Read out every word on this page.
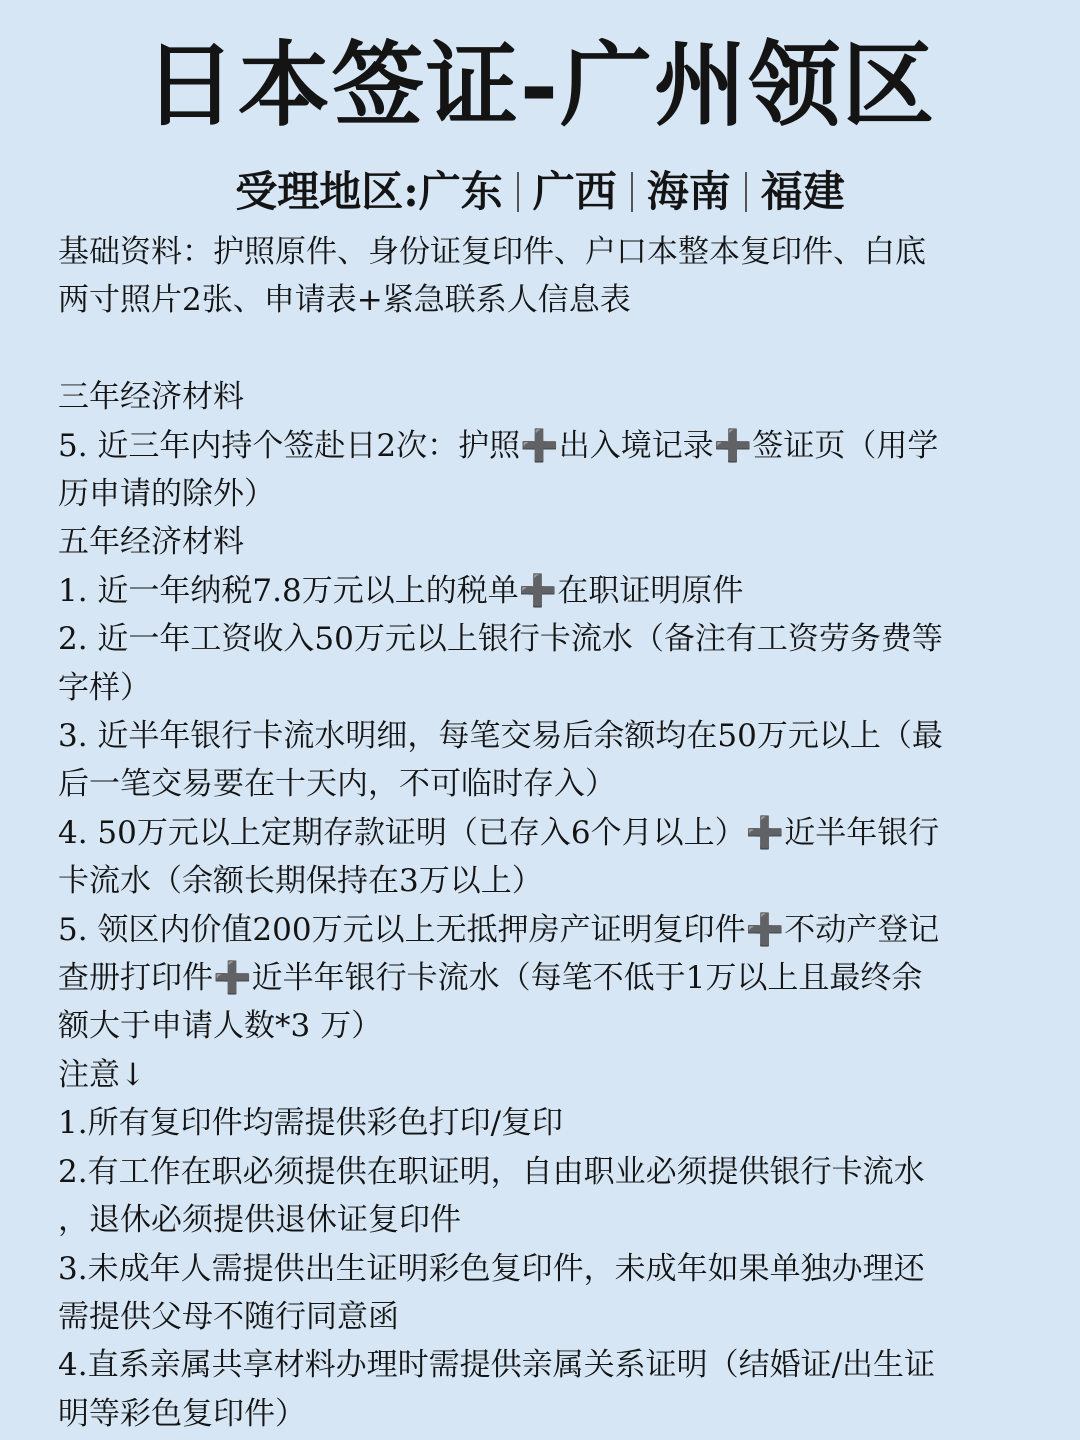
日本签证-广州领区
受理地区:广东 广西 海南 福建
基础资料：护照原件、身份证复印件、户口本整本复印件、白底
两寸照片2张、申请表+紧急联系人信息表
三年经济材料
5. 近三年内持个签赴日2次：护照➕出入境记录➕签证页（用学
历申请的除外）
五年经济材料
1. 近一年纳税7.8万元以上的税单➕在职证明原件
2. 近一年工资收入50万元以上银行卡流水（备注有工资劳务费等
字样）
3. 近半年银行卡流水明细，每笔交易后余额均在50万元以上（最
后一笔交易要在十天内，不可临时存入）
4. 50万元以上定期存款证明（已存入6个月以上）➕近半年银行
卡流水（余额长期保持在3万以上）
5. 领区内价值200万元以上无抵押房产证明复印件➕不动产登记
查册打印件➕近半年银行卡流水（每笔不低于1万以上且最终余
额大于申请人数*3 万）
注意↓
1.所有复印件均需提供彩色打印/复印
2.有工作在职必须提供在职证明，自由职业必须提供银行卡流水
，退休必须提供退休证复印件
3.未成年人需提供出生证明彩色复印件，未成年如果单独办理还
需提供父母不随行同意函
4.直系亲属共享材料办理时需提供亲属关系证明（结婚证/出生证
明等彩色复印件）
